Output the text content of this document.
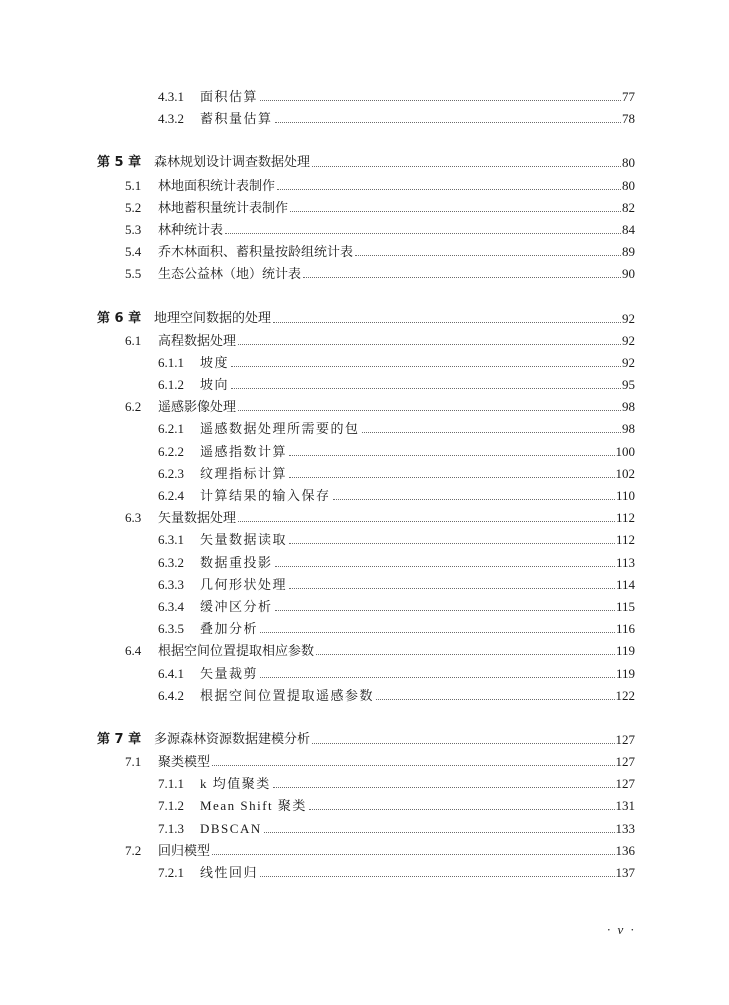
4.3.1 面积估算	77
4.3.2 蓄积量估算	78
第 5 章 森林规划设计调查数据处理	80
5.1 林地面积统计表制作	80
5.2 林地蓄积量统计表制作	82
5.3 林种统计表	84
5.4 乔木林面积、蓄积量按龄组统计表	89
5.5 生态公益林（地）统计表	90
第 6 章 地理空间数据的处理	92
6.1 高程数据处理	92
6.1.1 坡度	92
6.1.2 坡向	95
6.2 遥感影像处理	98
6.2.1 遥感数据处理所需要的包	98
6.2.2 遥感指数计算	100
6.2.3 纹理指标计算	102
6.2.4 计算结果的输入保存	110
6.3 矢量数据处理	112
6.3.1 矢量数据读取	112
6.3.2 数据重投影	113
6.3.3 几何形状处理	114
6.3.4 缓冲区分析	115
6.3.5 叠加分析	116
6.4 根据空间位置提取相应参数	119
6.4.1 矢量裁剪	119
6.4.2 根据空间位置提取遥感参数	122
第 7 章 多源森林资源数据建模分析	127
7.1 聚类模型	127
7.1.1 k 均值聚类	127
7.1.2 Mean Shift 聚类	131
7.1.3 DBSCAN	133
7.2 回归模型	136
7.2.1 线性回归	137
· v ·
